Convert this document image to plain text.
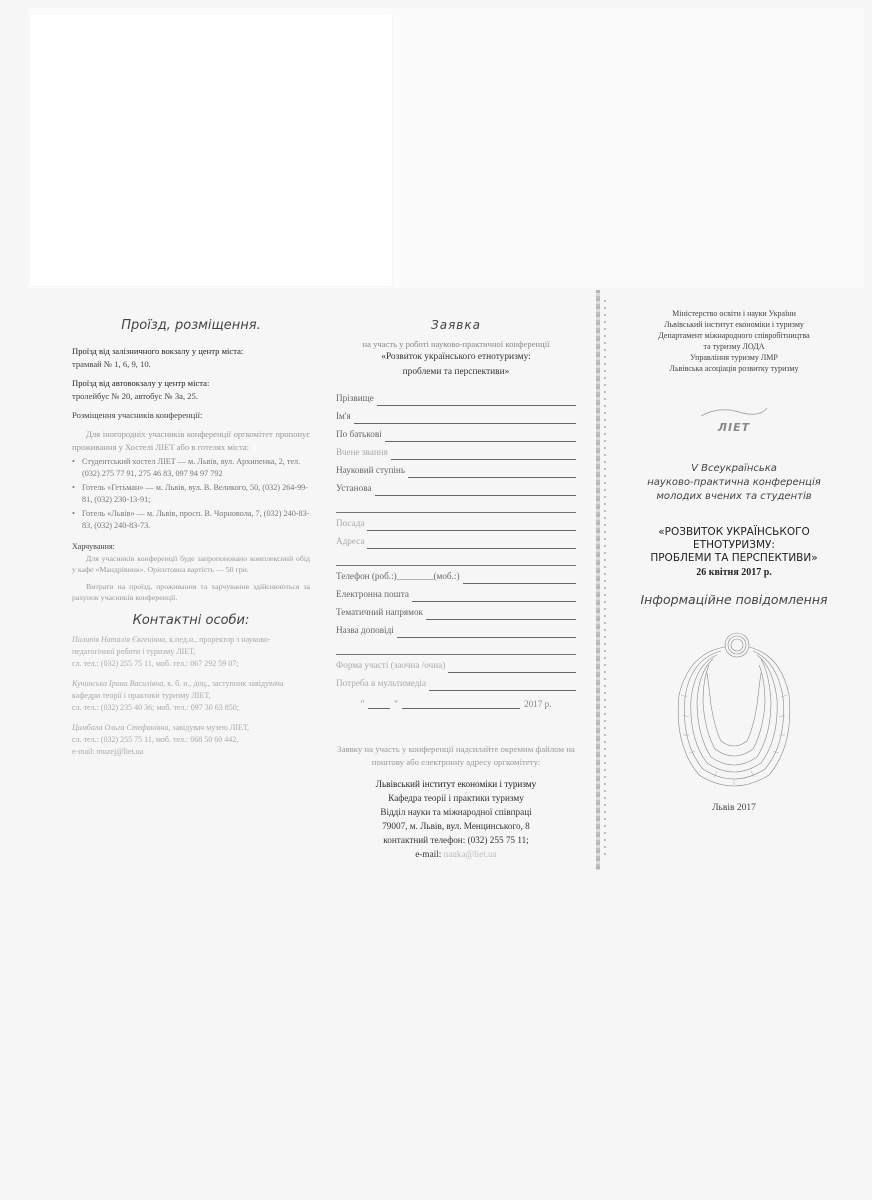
Проїзд, розміщення.

Проїзд від залізничного вокзалу у центр міста:

трамвай № 1, 6, 9, 10.

Проїзд від автовокзалу у центр міста:

тролейбус № 20, автобус № 3а, 25.

Розміщення учасників конференції:

Для іногородніх учасників конференції оргкомітет пропонує проживання у Хостелі ЛІЕТ або в готелях міста:

• Студентський хостел ЛІЕТ — м. Львів, вул. Архипенка, 2, тел. (032) 275 77 91, 275 46 83, 097 94 97 792
• Готель «Гетьман» — м. Львів, вул. В. Великого, 50, (032) 264-99-81, (032) 230-13-91;
• Готель «Львів» — м. Львів, просп. В. Чорновола, 7, (032) 240-83-83, (032) 240-83-73.

Харчування:

Для учасників конференції буде запропоновано комплексний обід у кафе «Мандрівник». Орієнтовна вартість — 50 грн.

Витрати на проїзд, проживання та харчування здійснюються за рахунок учасників конференції.

Контактні особи:
Пилипів Наталія Євгенівна, к.пед.н., проректор з науково-педагогічної роботи і туризму ЛІЕТ,
сл. тел.: (032) 255 75 11, моб. тел.: 067 292 59 07;
Кучинська Ірина Василівна, к. б. н., доц., заступник завідувача кафедри теорії і практики туризму ЛІЕТ,
сл. тел.: (032) 235 40 36; моб. тел.: 097 30 63 850;
Цимбала Ольга Стефанівна, завідувач музею ЛІЕТ,
сл. тел.: (032) 255 75 11, моб. тел.: 068 50 60 442,
e-mail: muzej@liet.ua
Заявка
на участь у роботі науково-практичної конференції
«Розвиток українського етнотуризму:
проблеми та перспективи»
Прізвище
Ім'я
По батькові
Вчене звання
Науковий ступінь
Установа
Посада
Адреса
Телефон (роб.:)________(моб.:)
Електронна пошта
Тематичний напрямок
Назва доповіді
Форма участі (заочна /очна)
Потреба в мультимедіа
"	"	2017 р.
Заявку на участь у конференції надсилайте окремим файлом на поштову або електронну адресу оргкомітету:

Львівський інститут економіки і туризму

Кафедра теорії і практики туризму

Відділ науки та міжнародної співпраці

79007, м. Львів, вул. Менцинського, 8

контактний телефон: (032) 255 75 11;

e-mail: nauka@liet.ua

Міністерство освіти і науки України

Львівський інститут економіки і туризму

Департамент міжнародного співробітництва

та туризму ЛОДА

Управління туризму ЛМР

Львівська асоціація розвитку туризму

ЛІЕТ

V Всеукраїнська

науково-практична конференція

молодих вчених та студентів

«РОЗВИТОК УКРАЇНСЬКОГО

ЕТНОТУРИЗМУ:

ПРОБЛЕМИ ТА ПЕРСПЕКТИВИ»

26 квітня 2017 р.

Інформаційне повідомлення

Львів 2017
